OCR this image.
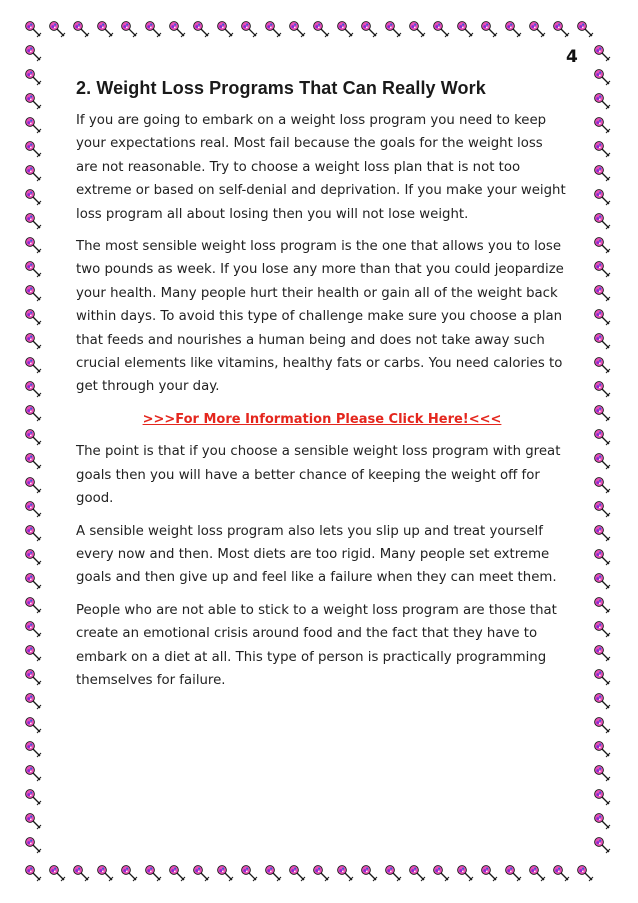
4
2. Weight Loss Programs That Can Really Work

If you are going to embark on a weight loss program you need to keep your expectations real. Most fail because the goals for the weight loss are not reasonable. Try to choose a weight loss plan that is not too extreme or based on self-denial and deprivation. If you make your weight loss program all about losing then you will not lose weight.

The most sensible weight loss program is the one that allows you to lose two pounds as week. If you lose any more than that you could jeopardize your health. Many people hurt their health or gain all of the weight back within days. To avoid this type of challenge make sure you choose a plan that feeds and nourishes a human being and does not take away such crucial elements like vitamins, healthy fats or carbs. You need calories to get through your day.

>>>For More Information Please Click Here!<<<

The point is that if you choose a sensible weight loss program with great goals then you will have a better chance of keeping the weight off for good.

A sensible weight loss program also lets you slip up and treat yourself every now and then. Most diets are too rigid. Many people set extreme goals and then give up and feel like a failure when they can meet them.

People who are not able to stick to a weight loss program are those that create an emotional crisis around food and the fact that they have to embark on a diet at all. This type of person is practically programming themselves for failure.
